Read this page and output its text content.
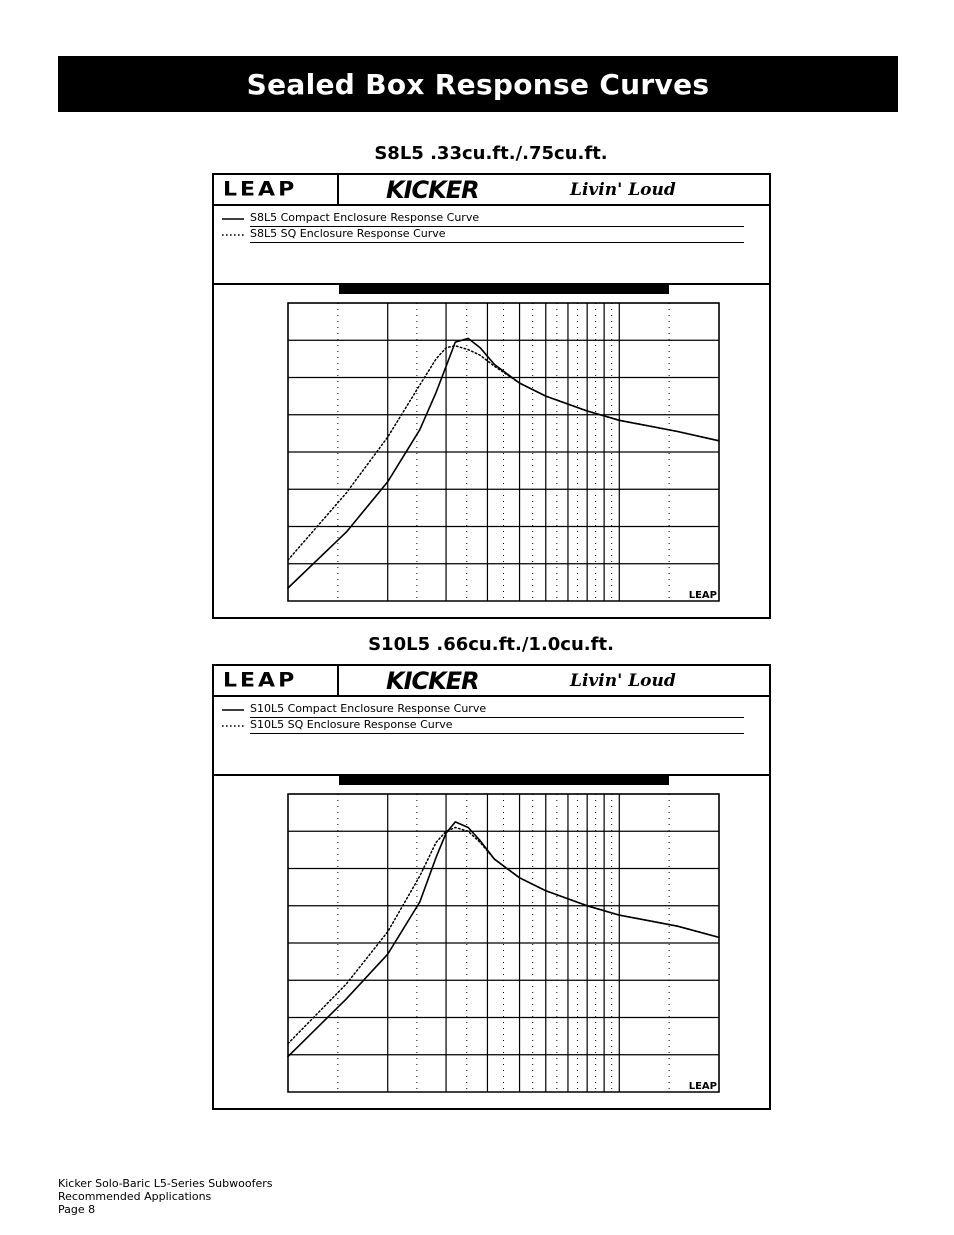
Sealed Box Response Curves
S8L5 .33cu.ft./.75cu.ft.
LEAP	KICKER	Livin' Loud
S8L5 Compact Enclosure Response Curve
S8L5 SQ Enclosure Response Curve
LEAP
S10L5 .66cu.ft./1.0cu.ft.
LEAP	KICKER	Livin' Loud
S10L5 Compact Enclosure Response Curve
S10L5 SQ Enclosure Response Curve
LEAP
Kicker Solo-Baric L5-Series Subwoofers
Recommended Applications
Page 8
